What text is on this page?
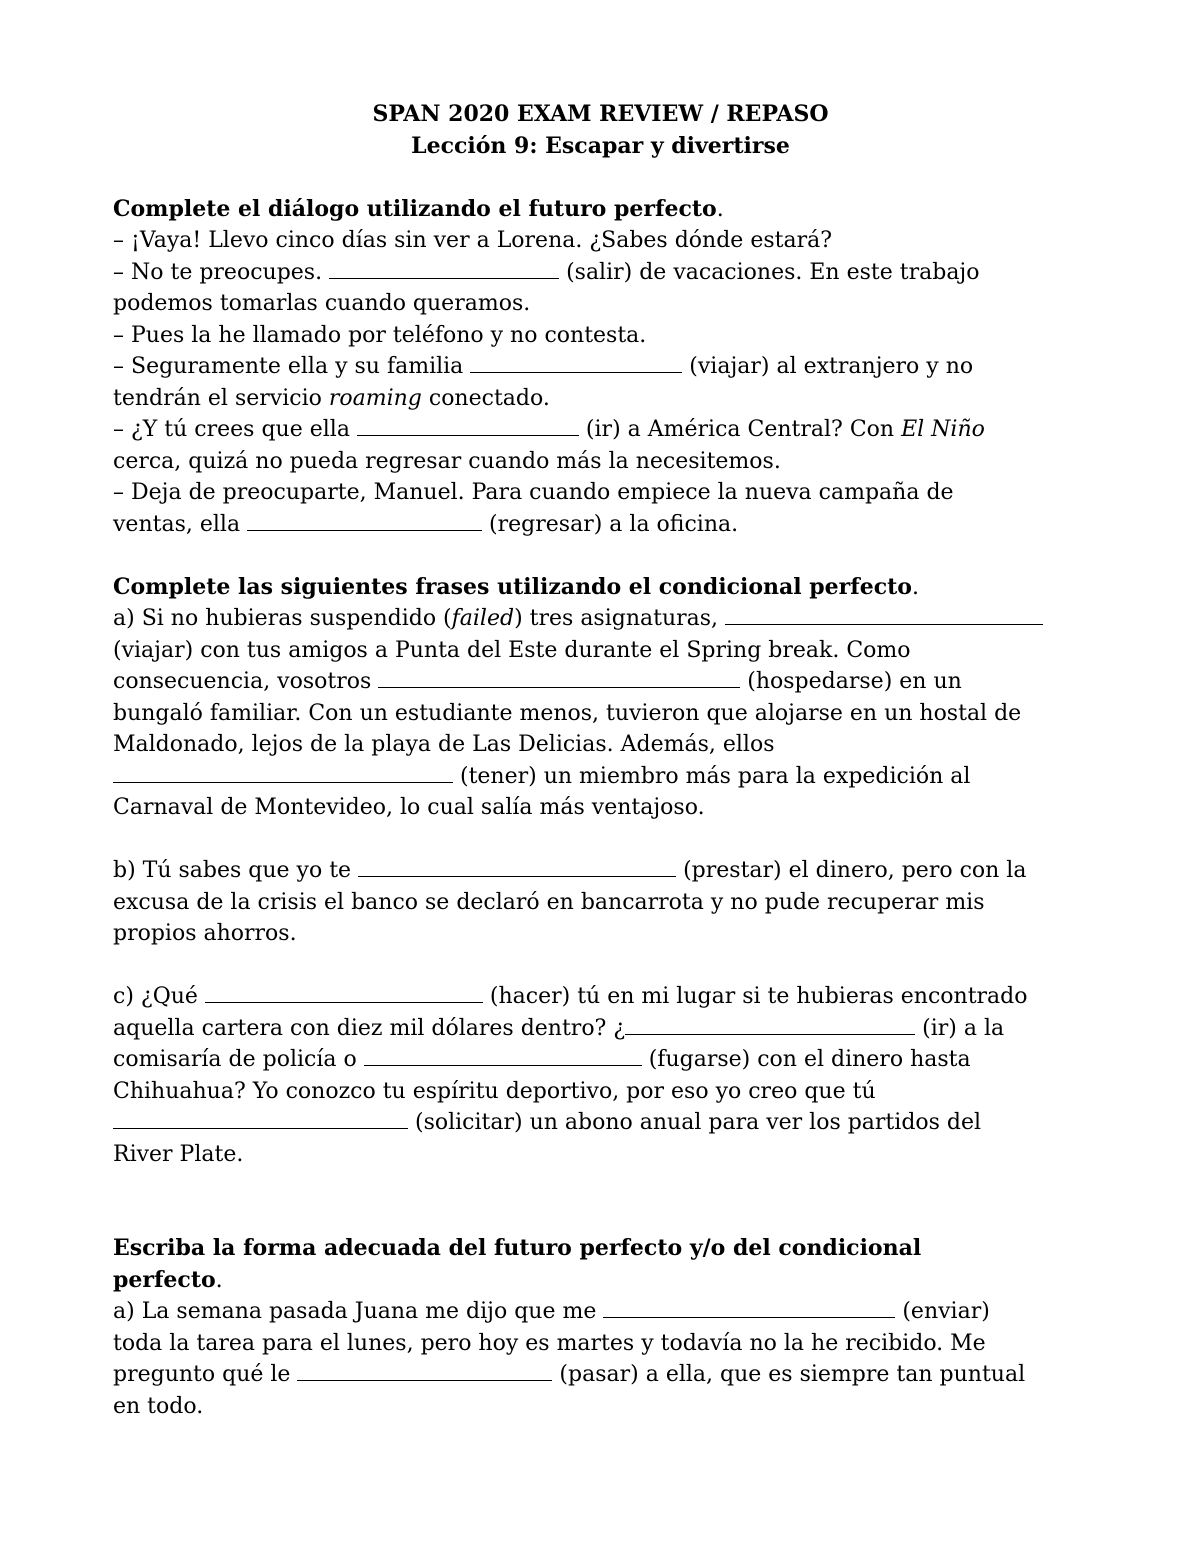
SPAN 2020 EXAM REVIEW / REPASO
Lección 9: Escapar y divertirse
Complete el diálogo utilizando el futuro perfecto.
– ¡Vaya! Llevo cinco días sin ver a Lorena. ¿Sabes dónde estará?
– No te preocupes.	(salir) de vacaciones. En este trabajo
podemos tomarlas cuando queramos.
– Pues la he llamado por teléfono y no contesta.
– Seguramente ella y su familia	(viajar) al extranjero y no
tendrán el servicio roaming conectado.
– ¿Y tú crees que ella	(ir) a América Central? Con El Niño
cerca, quizá no pueda regresar cuando más la necesitemos.
– Deja de preocuparte, Manuel. Para cuando empiece la nueva campaña de
ventas, ella	(regresar) a la oficina.
Complete las siguientes frases utilizando el condicional perfecto.
a) Si no hubieras suspendido (failed) tres asignaturas,
(viajar) con tus amigos a Punta del Este durante el Spring break. Como
consecuencia, vosotros	(hospedarse) en un
bungaló familiar. Con un estudiante menos, tuvieron que alojarse en un hostal de
Maldonado, lejos de la playa de Las Delicias. Además, ellos
(tener) un miembro más para la expedición al
Carnaval de Montevideo, lo cual salía más ventajoso.
b) Tú sabes que yo te	(prestar) el dinero, pero con la
excusa de la crisis el banco se declaró en bancarrota y no pude recuperar mis
propios ahorros.
c) ¿Qué	(hacer) tú en mi lugar si te hubieras encontrado
aquella cartera con diez mil dólares dentro? ¿	(ir) a la
comisaría de policía o	(fugarse) con el dinero hasta
Chihuahua? Yo conozco tu espíritu deportivo, por eso yo creo que tú
(solicitar) un abono anual para ver los partidos del
River Plate.
Escriba la forma adecuada del futuro perfecto y/o del condicional
perfecto.
a) La semana pasada Juana me dijo que me	(enviar)
toda la tarea para el lunes, pero hoy es martes y todavía no la he recibido. Me
pregunto qué le	(pasar) a ella, que es siempre tan puntual
en todo.
